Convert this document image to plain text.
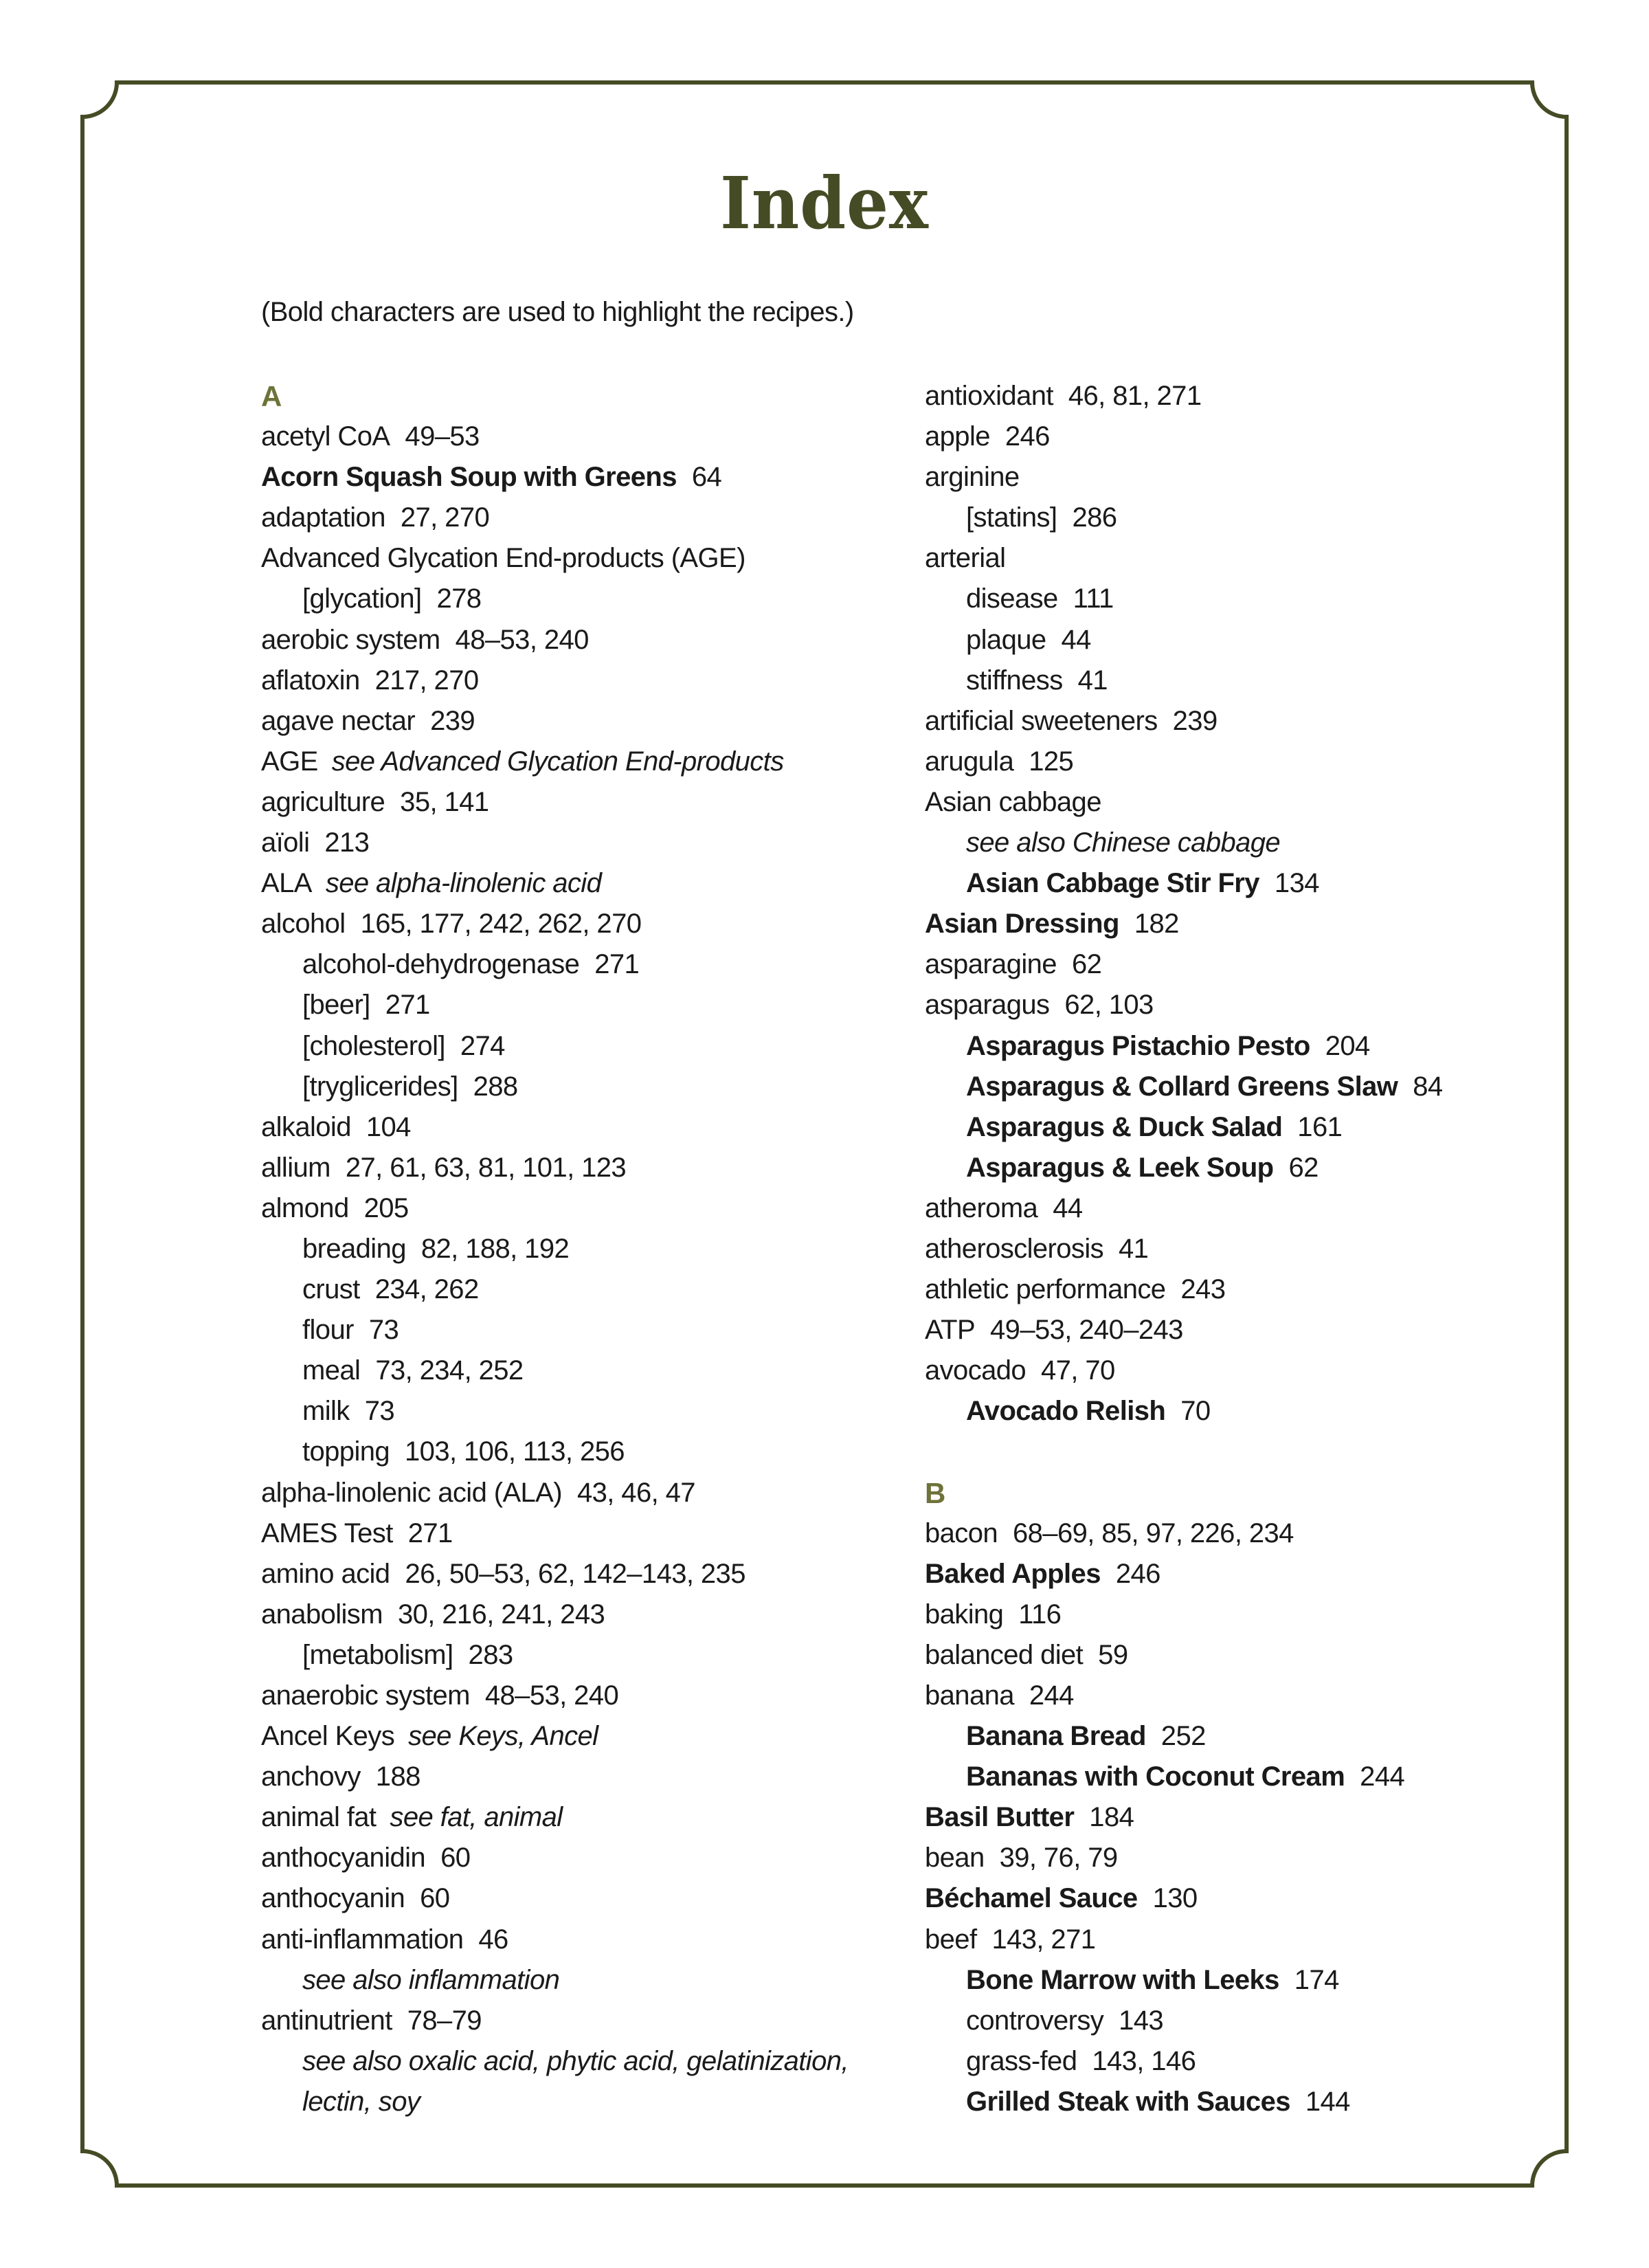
Index
(Bold characters are used to highlight the recipes.)
A
acetyl CoA 49–53
Acorn Squash Soup with Greens 64
adaptation 27, 270
Advanced Glycation End-products (AGE)
[glycation] 278
aerobic system 48–53, 240
aflatoxin 217, 270
agave nectar 239
AGE see Advanced Glycation End-products
agriculture 35, 141
aïoli 213
ALA see alpha-linolenic acid
alcohol 165, 177, 242, 262, 270
alcohol-dehydrogenase 271
[beer] 271
[cholesterol] 274
[tryglicerides] 288
alkaloid 104
allium 27, 61, 63, 81, 101, 123
almond 205
breading 82, 188, 192
crust 234, 262
flour 73
meal 73, 234, 252
milk 73
topping 103, 106, 113, 256
alpha-linolenic acid (ALA) 43, 46, 47
AMES Test 271
amino acid 26, 50–53, 62, 142–143, 235
anabolism 30, 216, 241, 243
[metabolism] 283
anaerobic system 48–53, 240
Ancel Keys see Keys, Ancel
anchovy 188
animal fat see fat, animal
anthocyanidin 60
anthocyanin 60
anti-inflammation 46
see also inflammation
antinutrient 78–79
see also oxalic acid, phytic acid, gelatinization,
lectin, soy
antioxidant 46, 81, 271
apple 246
arginine
[statins] 286
arterial
disease 111
plaque 44
stiffness 41
artificial sweeteners 239
arugula 125
Asian cabbage
see also Chinese cabbage
Asian Cabbage Stir Fry 134
Asian Dressing 182
asparagine 62
asparagus 62, 103
Asparagus Pistachio Pesto 204
Asparagus & Collard Greens Slaw 84
Asparagus & Duck Salad 161
Asparagus & Leek Soup 62
atheroma 44
atherosclerosis 41
athletic performance 243
ATP 49–53, 240–243
avocado 47, 70
Avocado Relish 70
B
bacon 68–69, 85, 97, 226, 234
Baked Apples 246
baking 116
balanced diet 59
banana 244
Banana Bread 252
Bananas with Coconut Cream 244
Basil Butter 184
bean 39, 76, 79
Béchamel Sauce 130
beef 143, 271
Bone Marrow with Leeks 174
controversy 143
grass-fed 143, 146
Grilled Steak with Sauces 144
